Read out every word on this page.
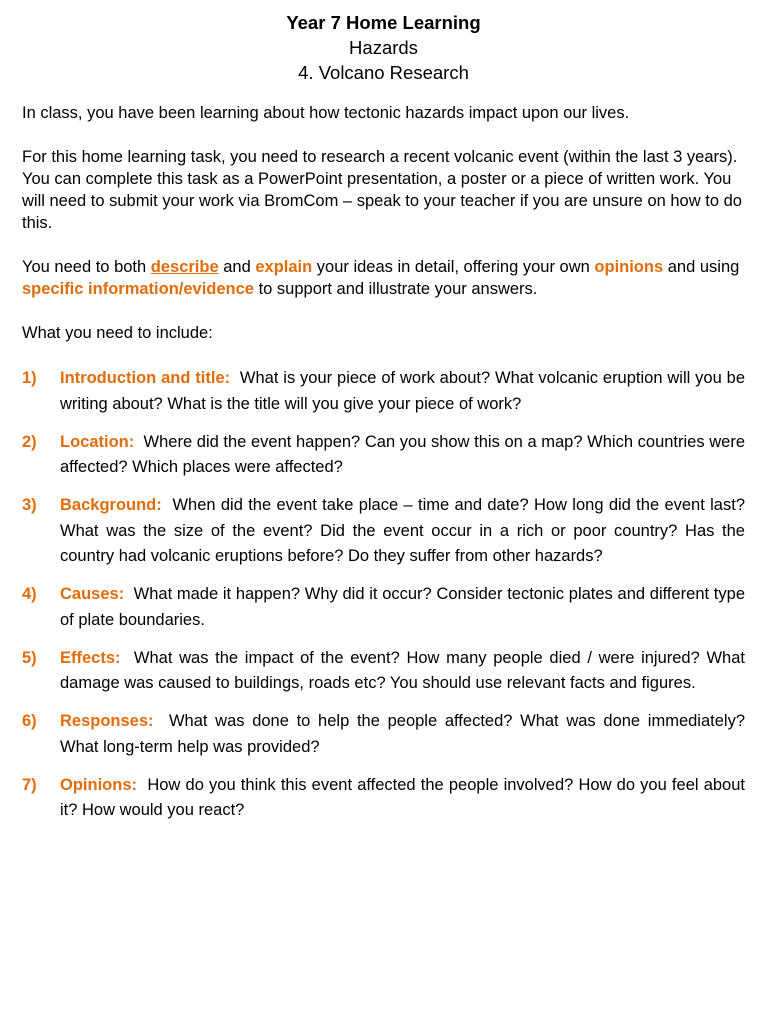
Year 7 Home Learning
Hazards
4. Volcano Research

In class, you have been learning about how tectonic hazards impact upon our lives.

For this home learning task, you need to research a recent volcanic event (within the last 3 years). You can complete this task as a PowerPoint presentation, a poster or a piece of written work. You will need to submit your work via BromCom – speak to your teacher if you are unsure on how to do this.

You need to both describe and explain your ideas in detail, offering your own opinions and using specific information/evidence to support and illustrate your answers.

What you need to include:

1) Introduction and title: What is your piece of work about? What volcanic eruption will you be writing about? What is the title will you give your piece of work?
2) Location: Where did the event happen? Can you show this on a map? Which countries were affected? Which places were affected?
3) Background: When did the event take place – time and date? How long did the event last? What was the size of the event? Did the event occur in a rich or poor country? Has the country had volcanic eruptions before? Do they suffer from other hazards?
4) Causes: What made it happen? Why did it occur? Consider tectonic plates and different type of plate boundaries.
5) Effects: What was the impact of the event? How many people died / were injured? What damage was caused to buildings, roads etc? You should use relevant facts and figures.
6) Responses: What was done to help the people affected? What was done immediately? What long-term help was provided?
7) Opinions: How do you think this event affected the people involved? How do you feel about it? How would you react?
